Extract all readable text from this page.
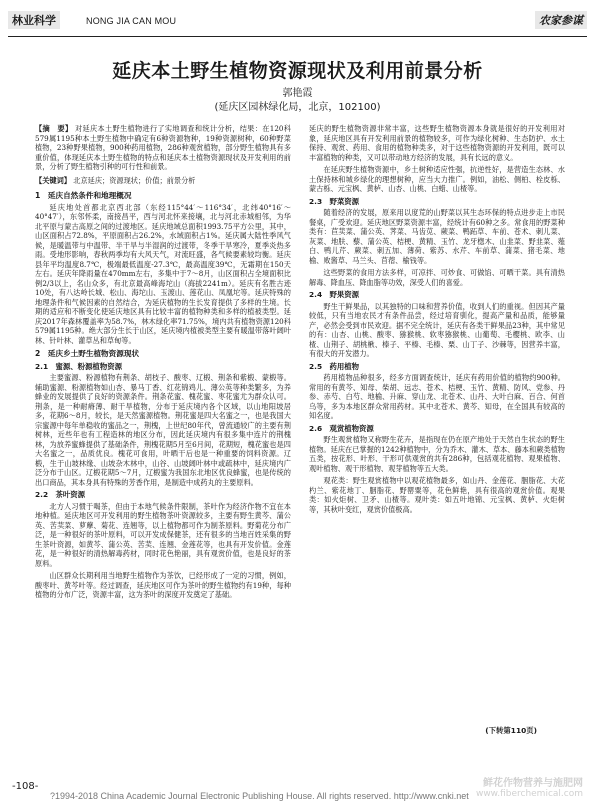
林业科学	NONG JIA CAN MOU	农家参谋
延庆本土野生植物资源现状及利用前景分析
郭艳霞
(延庆区园林绿化局，北京，102100)
【摘　要】 对延庆本土野生植物进行了实地调查和统计分析，结果：在120科579属1195种本土野生植物中确定有6种资源物种，19种资源树种，60种野菜植物，23种野果植物，900种药用植物，286种观赏植物，部分野生植物具有多重价值，体现延庆本土野生植物的特点和延庆本土植物资源现状及开发利用的前景，分析了野生植物引种的可行性和前景。
【关键词】 北京延庆；资源现状；价值；前景分析
1　延庆自然条件和地理概况
延庆地处首都北京西北部（东经115°44′～116°34′，北纬40°16′～40°47′），东邻怀柔，南接昌平，西与河北怀来接壤，北与河北赤城相邻，为华北平原与蒙古高原之间的过渡地区。延庆地域总面积1993.75平方公里，其中，山区面积占72.8%，平原面积占26.2%，水域面积占1%。延庆属大陆性季风气候，是暖温带与中温带、半干旱与半湿润的过渡带，冬季干旱寒冷，夏季炎热多雨。受地形影响，春秋两季均有大风天气，对流旺盛，各气候要素较均衡。延庆县年平均温度8.7℃，极端最低温度-27.3℃，最高温度39℃，无霜期在150天左右。延庆年降雨量在470mm左右，多集中于7～8月，山区面积占全境面积比例2/3以上，名山众多，有北京最高峰海坨山（海拔2241m）。延庆有名胜古迹10处，有八达岭长城、松山、海坨山、玉渡山、莲花山、凤凰坨等。延庆特殊的地理条件和气候因素的自然结合，为延庆植物的生长发育提供了多样的生境。长期的适应和不断变化使延庆地区具有比较丰富的植物种类和多样的植被类型。延庆2017年森林覆盖率为58.7%，林木绿化率71.75%，境内共有植物资源120科579属1195种。绝大部分生长于山区，延庆境内植被类型主要有暖温带落叶阔叶林、针叶林、灌草丛和草甸等。
2　延庆乡土野生植物资源现状
2.1　蜜源、粉源植物资源
主要蜜源、粉源植物有荆条、胡枝子、酸枣、辽椴、荆条和紫椴、蒙椴等。辅助蜜源、粉源植物如山杏、暴马丁香、红花锦鸡儿、薄公英等种类繁多，为养蜂业的发展提供了良好的资源条件。荆条花蜜、槐花蜜、枣花蜜尤为群众认可。荆条，是一种耐瘠薄、耐干旱植物，分布于延庆境内各个区域，以山地阳坡居多，花期6～8月，较长，是天然蜜源植物。荆花蜜是四大名蜜之一，也是我国大宗蜜源中每年单稳收的蜜品之一，荆槐，上世纪80年代，曾流通较广的主要有荆树林，近些年也有工程造林的地区分布，因此延庆境内有很多集中连片的荆槐林，为放养蜜蜂提供了基础条件，荆槐花期5月至6月间，花期短，槐花蜜也是四大名蜜之一，品质优良。槐花可食用，叶晒干后也是一种重要的饲料资源。辽椴，生于山坡林缘、山坡杂木林中，山谷、山坡阔叶林中或疏林中，延庆境内广泛分布于山区。辽椴花期5～7月，辽椴蜜为我国东北地区优良蜂蜜，也是传统的出口商品，其本身具有特殊的芳香作用，是制造中成药丸的主要原料。
2.2　茶叶资源
北方人习惯于喝茶，但由于本地气候条件限制，茶叶作为经济作物不宜在本地种植。延庆地区可开发利用的野生植物茶叶资源较多，主要有野生黄芩、蒲公英、苦荬菜、萝藦、菊花、连翘等，以上植物都可作为制茶原料。野菊花分布广泛，是一种很好的茶叶原料，可以开发成保健茶，还有很多的当地百姓采集的野生茶叶资源，如黄芩、蒲公英、苦荬、连翘、金莲花等，也具有开发价值。金莲花，是一种很好的清热解毒药材，同时花色艳丽，具有观赏价值，也是良好的茶原料。
山区群众长期利用当地野生植物作为茶饮，已经形成了一定的习惯，例如，酸枣叶、黄芩叶等。经过调查，延庆地区可作为茶叶的野生植物约有19种，每种植物的分布广泛，资源丰富，这为茶叶的深度开发奠定了基础。
延庆的野生植物资源非常丰富，这些野生植物资源本身就是很好的开发利用对象，延庆地区具有开发利用前景的植物较多，可作为绿化树种、生态防护、水土保持、观赏、药用、食用的植物种类多，对于这些植物资源的开发利用，既可以丰富植物的种类，又可以带动地方经济的发展，具有长远的意义。
在延庆野生植物资源中，乡土树种适应性强，抗逆性好，是营造生态林、水土保持林和城乡绿化的理想树种，应当大力推广。例如，油松、侧柏、栓皮栎、蒙古栎、元宝枫、黄栌、山杏、山桃、白蜡、山楂等。
2.3　野菜资源
随着经济的发展，原来用以度荒的山野菜以其生态环保的特点进步走上市民餐桌，广受欢迎。延庆地区野菜资源丰富，经统计有60种之多。常食用的野菜种类有：苣荬菜、蒲公英、荠菜、马齿苋、蕨菜、鸭跖草、车前、苍术、刺儿菜、灰菜、地肤、藜、蒲公英、桔梗、黄精、玉竹、龙牙楤木、山韭菜、野韭菜、薤白、鸭儿芹、蕨菜、刺五加、薄荷、紫苏、水芹、车前草、蒲菜、猪毛菜、地榆、败酱草、马兰头、苜蓿、榆钱等。
这些野菜的食用方法多样，可凉拌、可炒食、可做馅、可晒干菜。具有清热解毒、降血压、降血脂等功效，深受人们的喜爱。
2.4　野果资源
野生干鲜果品，以其独特的口味和营养价值，收到人们的重视。但因其产量较低，只有当地农民才有条件品尝，经过培育驯化，提高产量和品质，能够量产，必然会受到市民欢迎。据不完全统计，延庆有各类干鲜果品23种，其中常见的有：山杏、山桃、酸枣、猕猴桃、软枣猕猴桃、山葡萄、毛樱桃、欧李、山楂、山荆子、胡桃楸、榛子、平榛、毛榛、栗、山丁子、沙棘等，因营养丰富，有很大的开发潜力。
2.5　药用植物
药用植物品种很多，经多方面调查统计，延庆有药用价值的植物约900种。常用的有黄芩、知母、柴胡、远志、苍术、桔梗、玉竹、黄精、防风、党参、丹参、赤芍、白芍、地榆、升麻、穿山龙、北苍术、山丹、大叶白麻、百合、何首乌等，多为本地区群众常用药材。其中北苍术、黄芩、知母，在全国具有较高的知名度。
2.6　观赏植物资源
野生观赏植物又称野生花卉，是指现在仍在原产地处于天然自生状态的野生植物。延庆在已掌握的1242种植物中，分为乔木、灌木、草本、藤本和蕨类植物五类，按花形、叶形、干形可供观赏的共有286种，包括观花植物、观果植物、观叶植物、观干形植物、观芽植物等五大类。
观花类：野生观赏植物中以观花植物最多，如山丹、金莲花、胭脂花、大花杓兰、紫花地丁、胭脂花、野罂粟等，花色鲜艳，具有很高的观赏价值。观果类：如火炬树、卫矛、山楂等。观叶类：如五叶地锦、元宝枫、黄栌、火炬树等，其秋叶变红，观赏价值极高。
(下转第110页)
-108-
?1994-2018 China Academic Journal Electronic Publishing House. All rights reserved. http://www.cnki.net
鲜花作物营养与施肥网
www.fiberchemical.com
